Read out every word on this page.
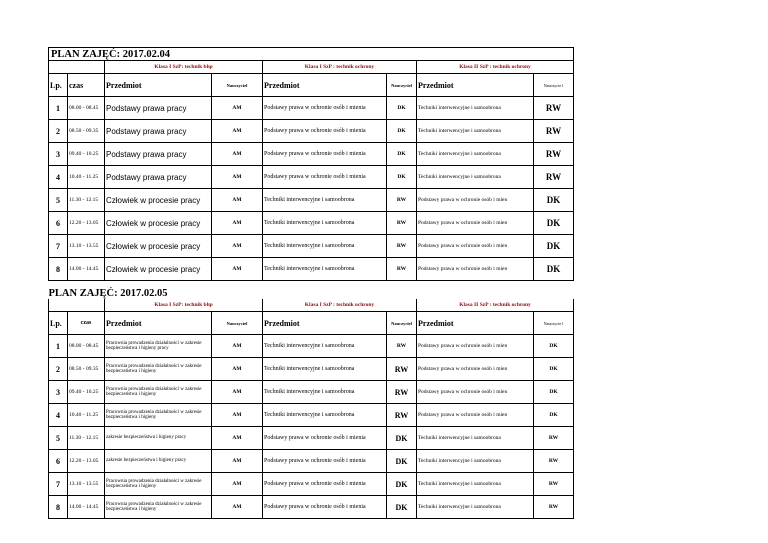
PLAN ZAJĘĆ: 2017.02.04							
		Klasa I SzP: technik bhp		Klasa I SzP : technik ochrony		Klasa II SzP : technik ochrony	
Lp.	czas	Przedmiot	Nauczyciel	Przedmiot	Nauczyciel	Przedmiot	Nauczycie l
1	08.00 - 08.45	Podstawy prawa pracy	AM	Podstawy prawa w ochronie osób i mienia	DK	Techniki interwencyjne i samoobrona	RW
2	08.50 - 09.35	Podstawy prawa pracy	AM	Podstawy prawa w ochronie osób i mienia	DK	Techniki interwencyjne i samoobrona	RW
3	09.40 - 10.25	Podstawy prawa pracy	AM	Podstawy prawa w ochronie osób i mienia	DK	Techniki interwencyjne i samoobrona	RW
4	10.40 - 11.25	Podstawy prawa pracy	AM	Podstawy prawa w ochronie osób i mienia	DK	Techniki interwencyjne i samoobrona	RW
5	11.30 - 12.15	Człowiek w procesie pracy	AM	Techniki interwencyjne i samoobrona	RW	Podstawy prawa w ochronie osób i mien	DK
6	12.20 - 13.05	Człowiek w procesie pracy	AM	Techniki interwencyjne i samoobrona	RW	Podstawy prawa w ochronie osób i mien	DK
7	13.10 - 13.55	Człowiek w procesie pracy	AM	Techniki interwencyjne i samoobrona	RW	Podstawy prawa w ochronie osób i mien	DK
8	14.00 - 14.45	Człowiek w procesie pracy	AM	Techniki interwencyjne i samoobrona	RW	Podstawy prawa w ochronie osób i mien	DK

PLAN ZAJĘĆ: 2017.02.05							
		Klasa I SzP: technik bhp		Klasa I SzP : technik ochrony		Klasa II SzP : technik ochrony	
Lp.	czas	Przedmiot	Nauczyciel	Przedmiot	Nauczyciel	Przedmiot	Nauczycie l
1	08.00 - 08.45	Pracownia prowadzenia działalności w zakresie bezpieczeństwa i higieny pracy	AM	Techniki interwencyjne i samoobrona	RW	Podstawy prawa w ochronie osób i mien	DK
2	08.50 - 09.35	Pracownia prowadzenia działalności w zakresie bezpieczeństwa i higieny	AM	Techniki interwencyjne i samoobrona	RW	Podstawy prawa w ochronie osób i mien	DK
3	09.40 - 10.25	Pracownia prowadzenia działalności w zakresie bezpieczeństwa i higieny	AM	Techniki interwencyjne i samoobrona	RW	Podstawy prawa w ochronie osób i mien	DK
4	10.40 - 11.25	Pracownia prowadzenia działalności w zakresie bezpieczeństwa i higieny	AM	Techniki interwencyjne i samoobrona	RW	Podstawy prawa w ochronie osób i mien	DK
5	11.30 - 12.15	zakresie bezpieczeństwa i higieny pracy	AM	Podstawy prawa w ochronie osób i mienia	DK	Techniki interwencyjne i samoobrona	RW
6	12.20 - 13.05	zakresie bezpieczeństwa i higieny pracy	AM	Podstawy prawa w ochronie osób i mienia	DK	Techniki interwencyjne i samoobrona	RW
7	13.10 - 13.55	Pracownia prowadzenia działalności w zakresie bezpieczeństwa i higieny	AM	Podstawy prawa w ochronie osób i mienia	DK	Techniki interwencyjne i samoobrona	RW
8	14.00 - 14.45	Pracownia prowadzenia działalności w zakresie bezpieczeństwa i higieny	AM	Podstawy prawa w ochronie osób i mienia	DK	Techniki interwencyjne i samoobrona	RW
